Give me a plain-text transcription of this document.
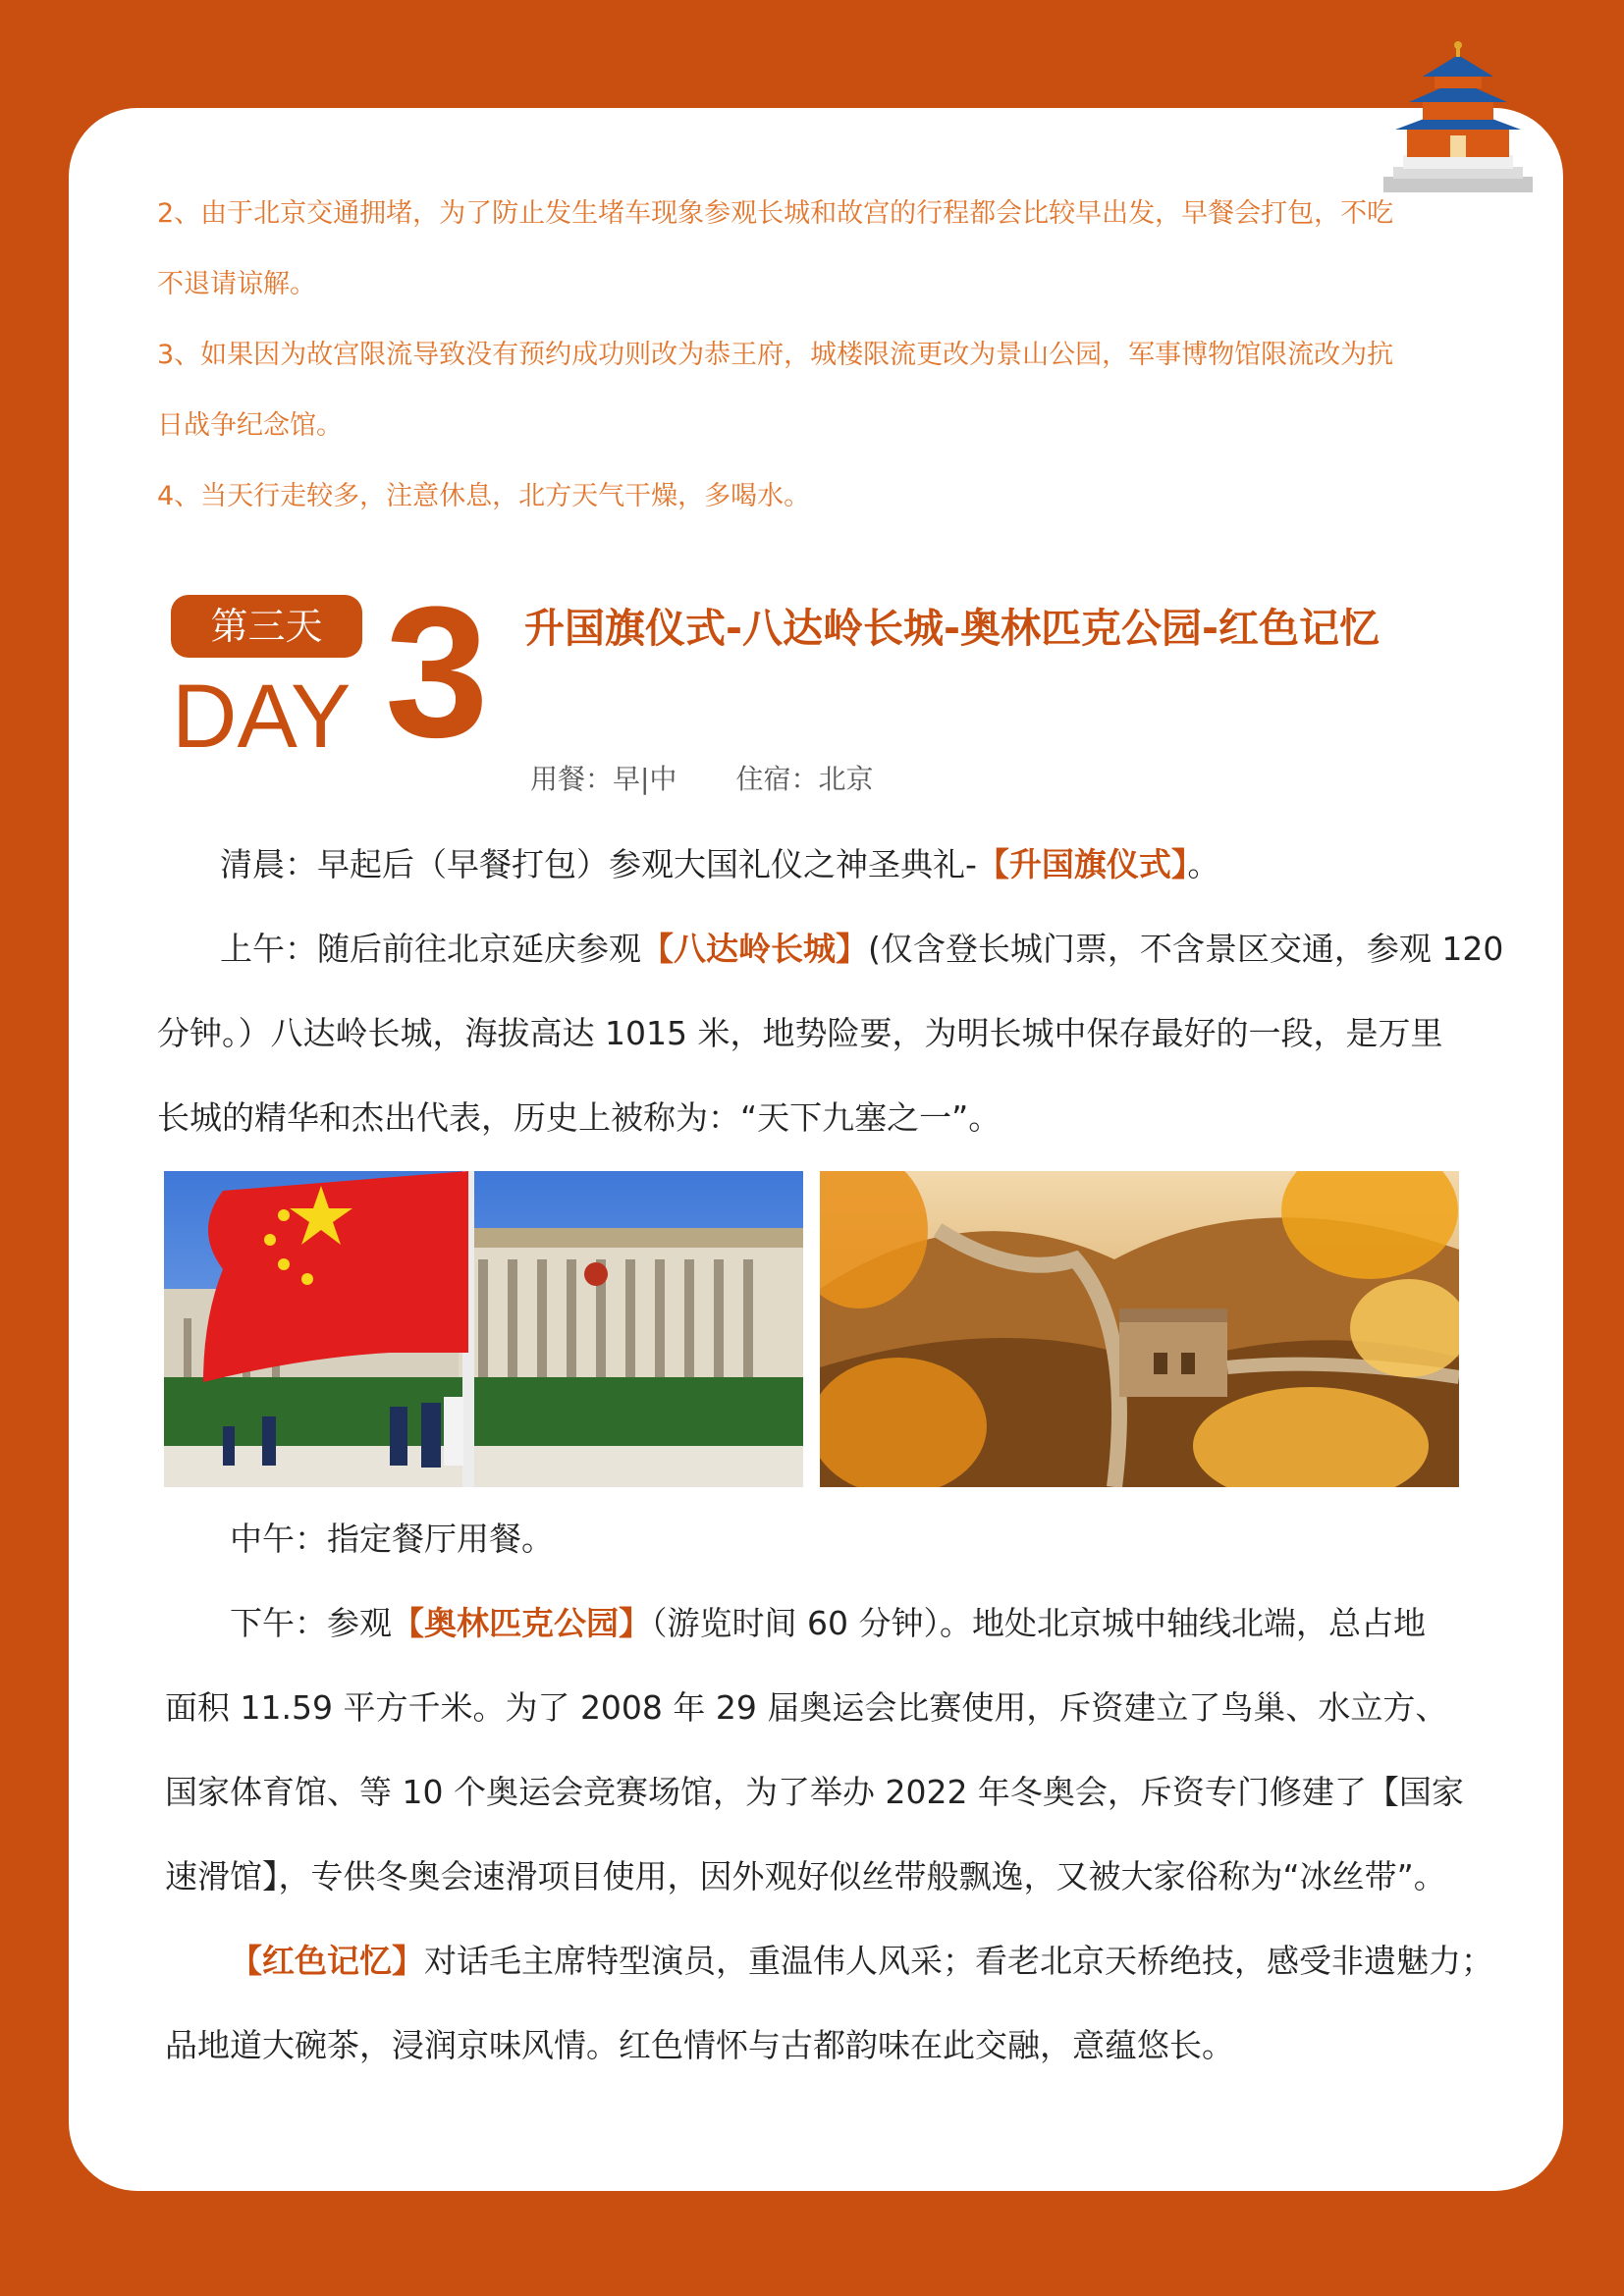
2、由于北京交通拥堵，为了防止发生堵车现象参观长城和故宫的行程都会比较早出发，早餐会打包，不吃

不退请谅解。

3、如果因为故宫限流导致没有预约成功则改为恭王府，城楼限流更改为景山公园，军事博物馆限流改为抗

日战争纪念馆。

4、当天行走较多，注意休息，北方天气干燥，多喝水。

第三天
DAY 3 升国旗仪式-八达岭长城-奥林匹克公园-红色记忆
用餐：早|中 住宿：北京

清晨：早起后（早餐打包）参观大国礼仪之神圣典礼-【升国旗仪式】。

上午：随后前往北京延庆参观【八达岭长城】(仅含登长城门票，不含景区交通，参观 120
分钟。）八达岭长城，海拔高达 1015 米，地势险要，为明长城中保存最好的一段，是万里
长城的精华和杰出代表，历史上被称为：“天下九塞之一”。

中午：指定餐厅用餐。

下午：参观【奥林匹克公园】（游览时间 60 分钟）。地处北京城中轴线北端，总占地
面积 11.59 平方千米。为了 2008 年 29 届奥运会比赛使用，斥资建立了鸟巢、水立方、
国家体育馆、等 10 个奥运会竞赛场馆，为了举办 2022 年冬奥会，斥资专门修建了【国家
速滑馆】，专供冬奥会速滑项目使用，因外观好似丝带般飘逸，又被大家俗称为“冰丝带”。
【红色记忆】对话毛主席特型演员，重温伟人风采；看老北京天桥绝技，感受非遗魅力；
品地道大碗茶，浸润京味风情。红色情怀与古都韵味在此交融，意蕴悠长。
